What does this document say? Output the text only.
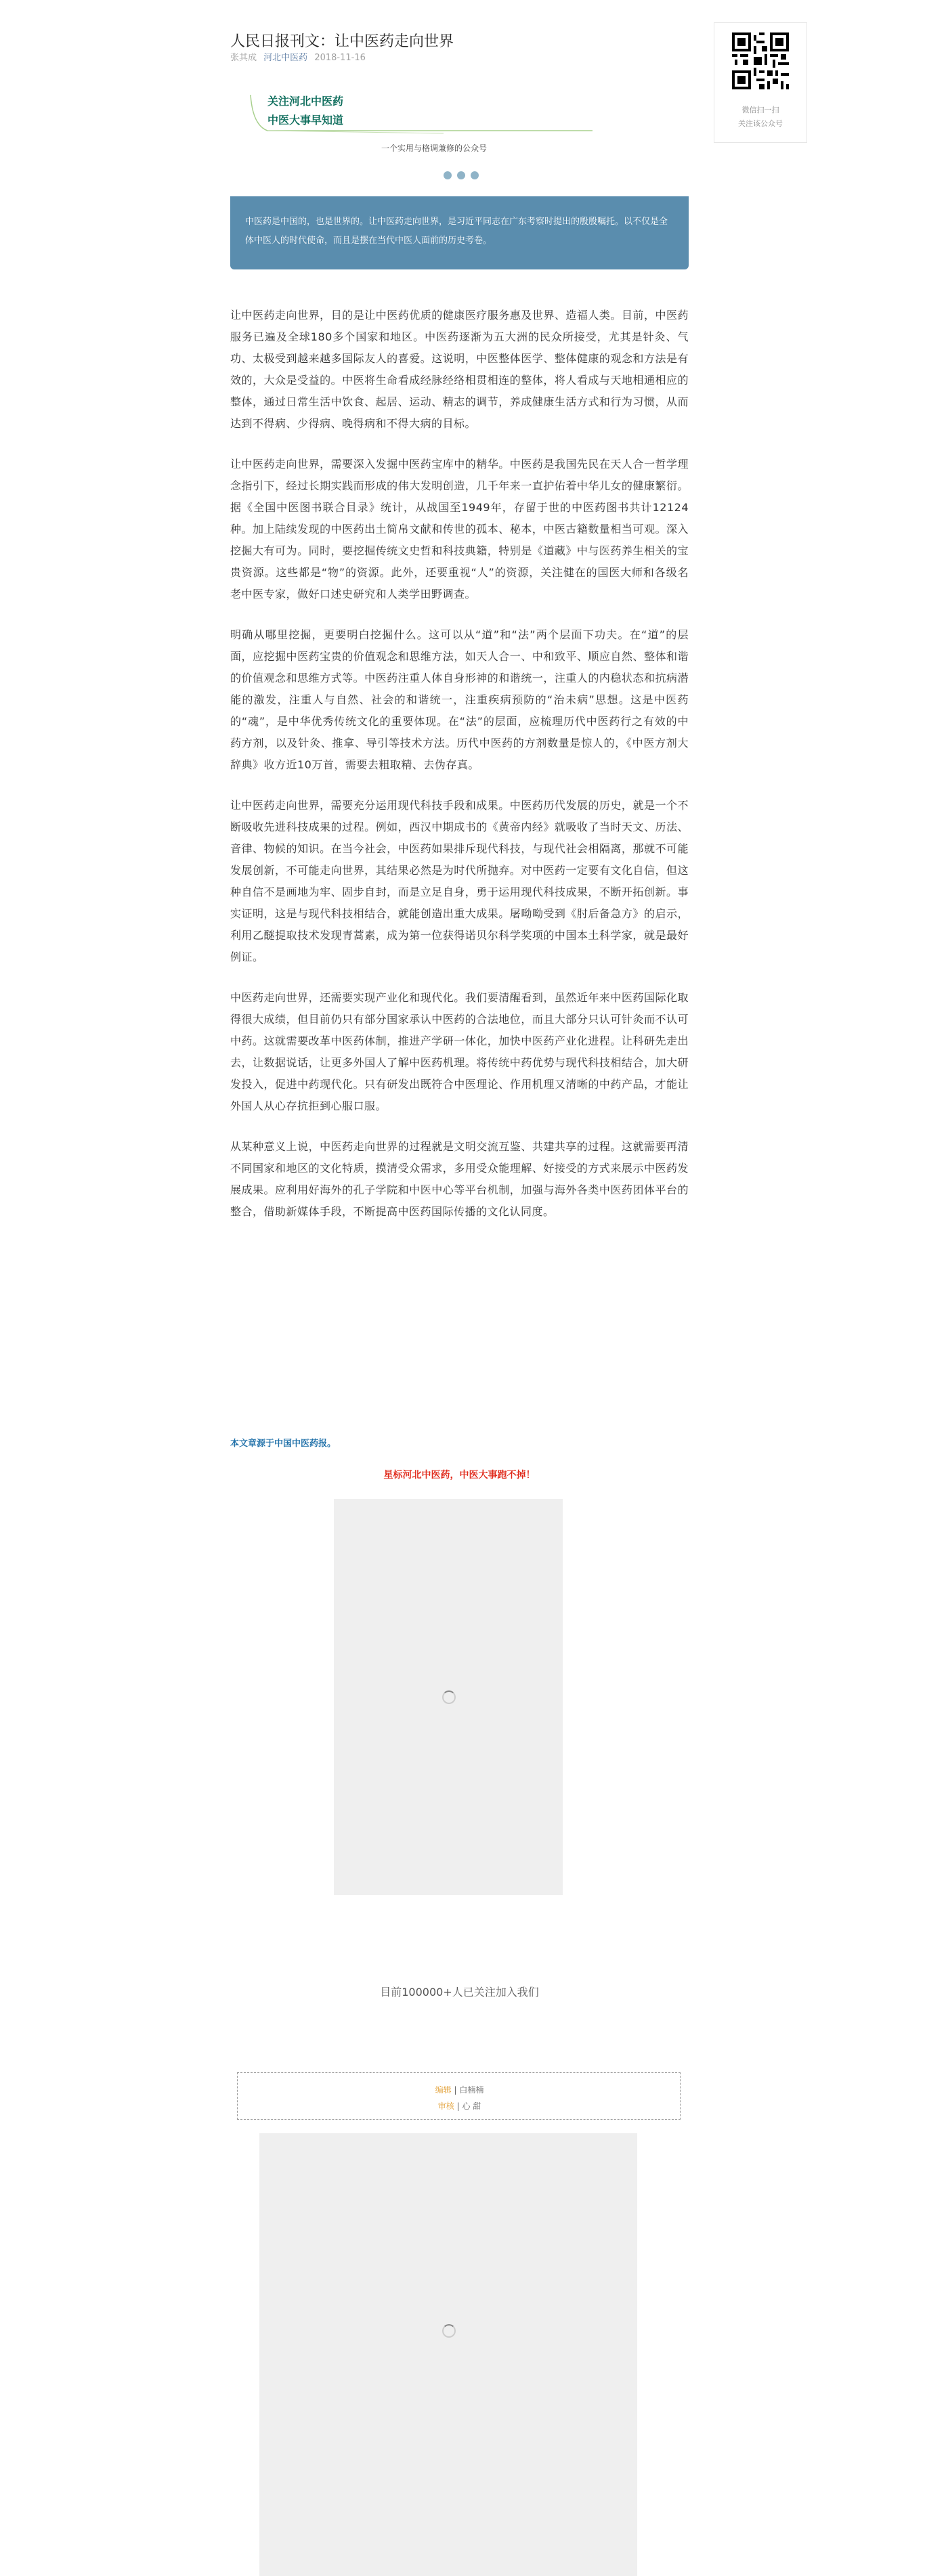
人民日报刊文：让中医药走向世界
张其成 河北中医药 2018-11-16
关注河北中医药
中医大事早知道
一个实用与格调兼修的公众号

中医药是中国的，也是世界的。让中医药走向世界，是习近平同志在广东考察时提出的殷殷嘱托。以不仅是全体中医人的时代使命，而且是摆在当代中医人面前的历史考卷。

让中医药走向世界，目的是让中医药优质的健康医疗服务惠及世界、造福人类。目前，中医药服务已遍及全球180多个国家和地区。中医药逐渐为五大洲的民众所接受，尤其是针灸、气功、太极受到越来越多国际友人的喜爱。这说明，中医整体医学、整体健康的观念和方法是有效的，大众是受益的。中医将生命看成经脉经络相贯相连的整体，将人看成与天地相通相应的整体，通过日常生活中饮食、起居、运动、精志的调节，养成健康生活方式和行为习惯，从而达到不得病、少得病、晚得病和不得大病的目标。

让中医药走向世界，需要深入发掘中医药宝库中的精华。中医药是我国先民在天人合一哲学理念指引下，经过长期实践而形成的伟大发明创造，几千年来一直护佑着中华儿女的健康繁衍。据《全国中医图书联合目录》统计，从战国至1949年，存留于世的中医药图书共计12124种。加上陆续发现的中医药出土简帛文献和传世的孤本、秘本，中医古籍数量相当可观。深入挖掘大有可为。同时，要挖掘传统文史哲和科技典籍，特别是《道藏》中与医药养生相关的宝贵资源。这些都是“物”的资源。此外，还要重视“人”的资源，关注健在的国医大师和各级名老中医专家，做好口述史研究和人类学田野调查。

明确从哪里挖掘，更要明白挖掘什么。这可以从“道”和“法”两个层面下功夫。在“道”的层面，应挖掘中医药宝贵的价值观念和思维方法，如天人合一、中和致平、顺应自然、整体和谐的价值观念和思维方式等。中医药注重人体自身形神的和谐统一，注重人的内稳状态和抗病潜能的激发，注重人与自然、社会的和谐统一，注重疾病预防的“治未病”思想。这是中医药的“魂”，是中华优秀传统文化的重要体现。在“法”的层面，应梳理历代中医药行之有效的中药方剂，以及针灸、推拿、导引等技术方法。历代中医药的方剂数量是惊人的，《中医方剂大辞典》收方近10万首，需要去粗取精、去伪存真。

让中医药走向世界，需要充分运用现代科技手段和成果。中医药历代发展的历史，就是一个不断吸收先进科技成果的过程。例如，西汉中期成书的《黄帝内经》就吸收了当时天文、历法、音律、物候的知识。在当今社会，中医药如果排斥现代科技，与现代社会相隔离，那就不可能发展创新，不可能走向世界，其结果必然是为时代所抛弃。对中医药一定要有文化自信，但这种自信不是画地为牢、固步自封，而是立足自身，勇于运用现代科技成果，不断开拓创新。事实证明，这是与现代科技相结合，就能创造出重大成果。屠呦呦受到《肘后备急方》的启示，利用乙醚提取技术发现青蒿素，成为第一位获得诺贝尔科学奖项的中国本土科学家，就是最好例证。

中医药走向世界，还需要实现产业化和现代化。我们要清醒看到，虽然近年来中医药国际化取得很大成绩，但目前仍只有部分国家承认中医药的合法地位，而且大部分只认可针灸而不认可中药。这就需要改革中医药体制，推进产学研一体化，加快中医药产业化进程。让科研先走出去，让数据说话，让更多外国人了解中医药机理。将传统中药优势与现代科技相结合，加大研发投入，促进中药现代化。只有研发出既符合中医理论、作用机理又清晰的中药产品，才能让外国人从心存抗拒到心服口服。

从某种意义上说，中医药走向世界的过程就是文明交流互鉴、共建共享的过程。这就需要再清不同国家和地区的文化特质，摸清受众需求，多用受众能理解、好接受的方式来展示中医药发展成果。应利用好海外的孔子学院和中医中心等平台机制，加强与海外各类中医药团体平台的整合，借助新媒体手段，不断提高中医药国际传播的文化认同度。

本文章源于中国中医药报。
星标河北中医药，中医大事跑不掉！
目前100000+人已关注加入我们
编辑 | 白楠楠
审核 | 心 甜
微信扫一扫
关注该公众号
